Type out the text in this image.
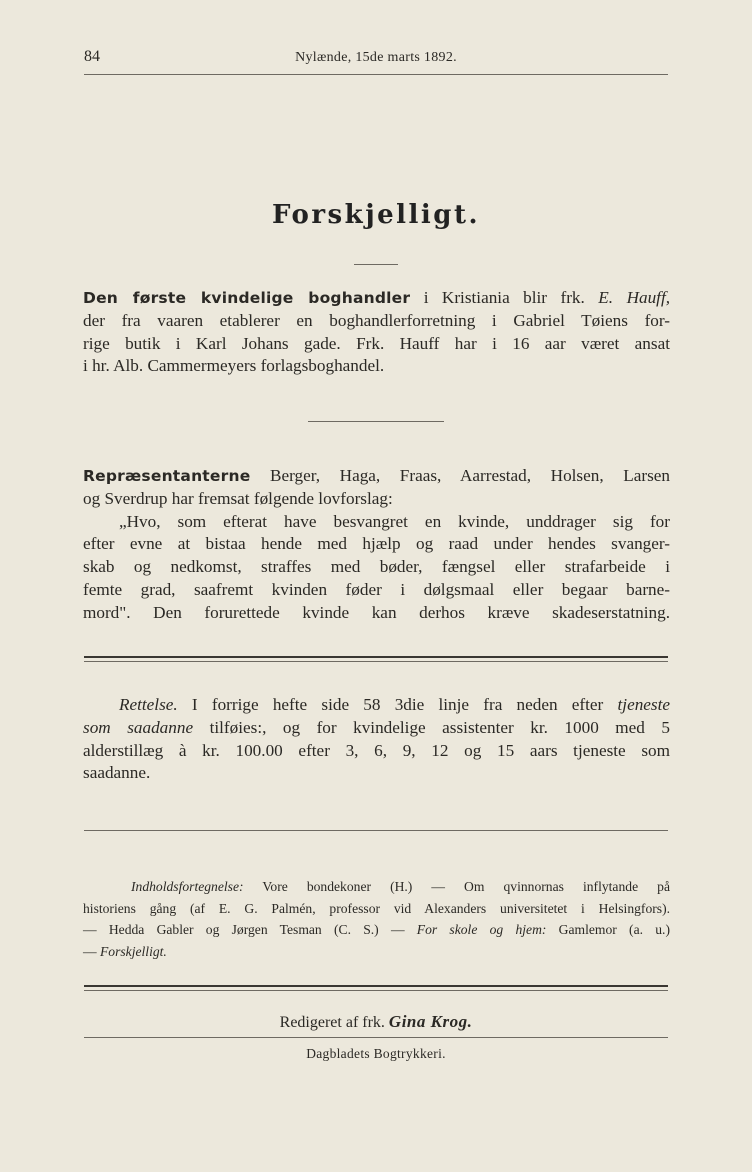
84	Nylænde, 15de marts 1892.
Forskjelligt.
Den første kvindelige boghandler i Kristiania blir frk. E. Hauff,
der fra vaaren etablerer en boghandlerforretning i Gabriel Tøiens for-
rige butik i Karl Johans gade. Frk. Hauff har i 16 aar været ansat
i hr. Alb. Cammermeyers forlagsboghandel.
Repræsentanterne Berger, Haga, Fraas, Aarrestad, Holsen, Larsen
og Sverdrup har fremsat følgende lovforslag:
„Hvo, som efterat have besvangret en kvinde, unddrager sig for
efter evne at bistaa hende med hjælp og raad under hendes svanger-
skab og nedkomst, straffes med bøder, fængsel eller strafarbeide i
femte grad, saafremt kvinden føder i dølgsmaal eller begaar barne-
mord". Den forurettede kvinde kan derhos kræve skadeserstatning.
Rettelse. I forrige hefte side 58 3die linje fra neden efter tjeneste
som saadanne tilføies:, og for kvindelige assistenter kr. 1000 med 5
alderstillæg à kr. 100.00 efter 3, 6, 9, 12 og 15 aars tjeneste som
saadanne.
Indholdsfortegnelse: Vore bondekoner (H.) — Om qvinnornas inflytande på
historiens gång (af E. G. Palmén, professor vid Alexanders universitetet i Helsingfors).
— Hedda Gabler og Jørgen Tesman (C. S.) — For skole og hjem: Gamlemor (a. u.)
— Forskjelligt.
Redigeret af frk. Gina Krog.
Dagbladets Bogtrykkeri.
